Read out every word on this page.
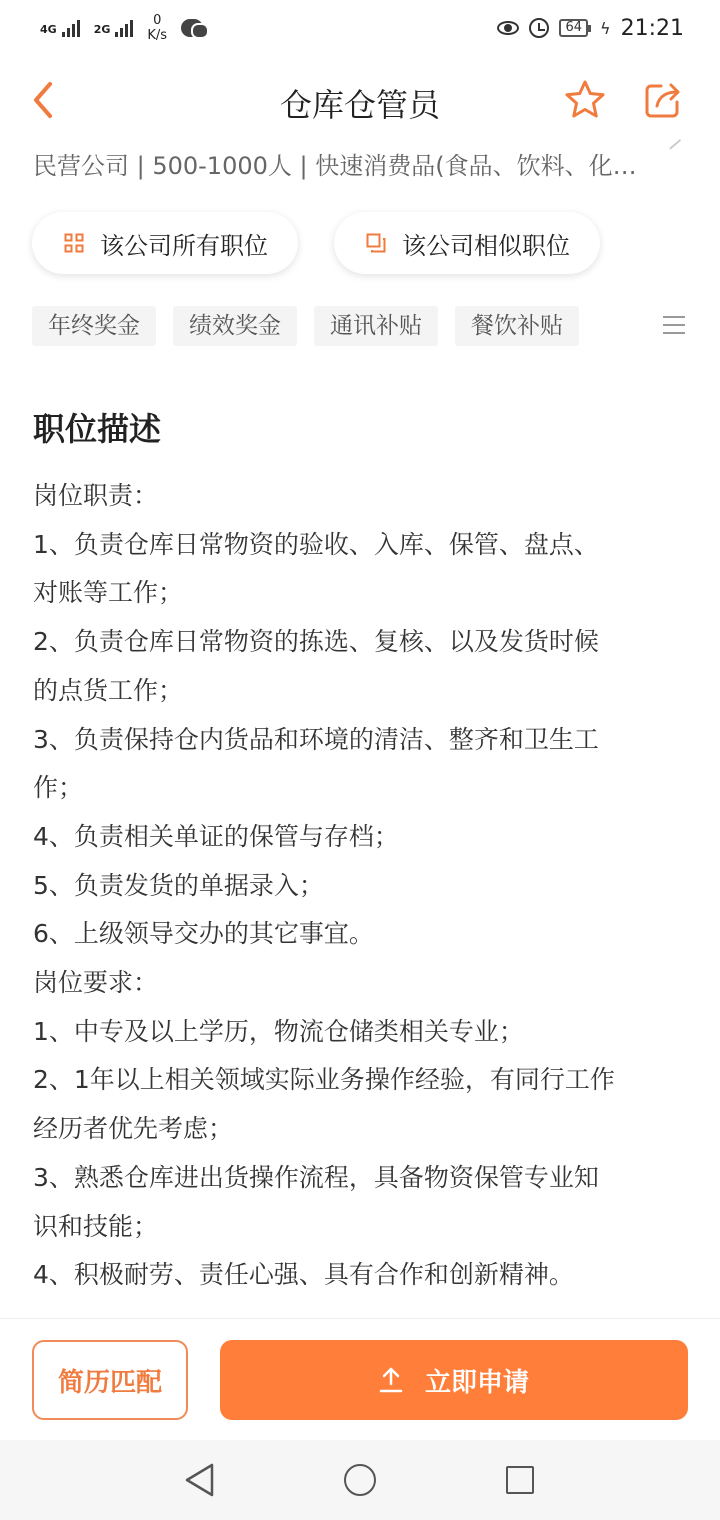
4G	2G
0
K/s
64	ϟ 21:21
仓库仓管员
民营公司 | 500-1000人 | 快速消费品(食品、饮料、化…
该公司所有职位	该公司相似职位
年终奖金	绩效奖金	通讯补贴	餐饮补贴
职位描述
岗位职责：
1、负责仓库日常物资的验收、入库、保管、盘点、
对账等工作；
2、负责仓库日常物资的拣选、复核、以及发货时候
的点货工作；
3、负责保持仓内货品和环境的清洁、整齐和卫生工
作；
4、负责相关单证的保管与存档；
5、负责发货的单据录入；
6、上级领导交办的其它事宜。
岗位要求：
1、中专及以上学历，物流仓储类相关专业；
2、1年以上相关领域实际业务操作经验，有同行工作
经历者优先考虑；
3、熟悉仓库进出货操作流程，具备物资保管专业知
识和技能；
4、积极耐劳、责任心强、具有合作和创新精神。
简历匹配	立即申请
